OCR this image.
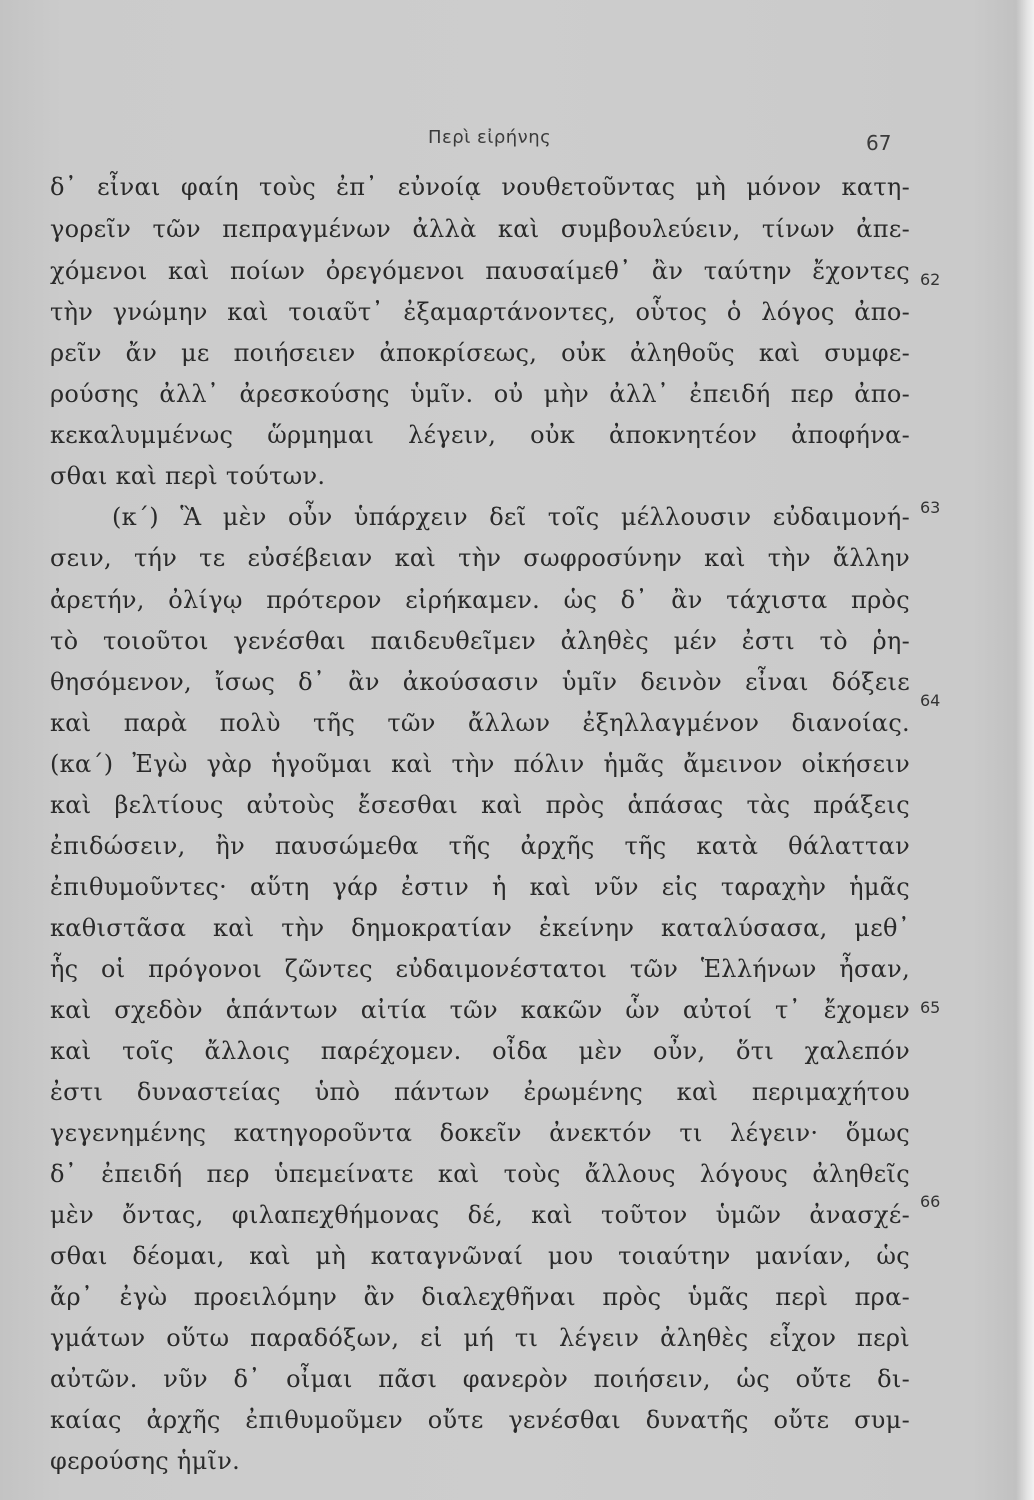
Περὶ εἰρήνης	67
δ᾽ εἶναι φαίη τοὺς ἐπ᾽ εὐνοίᾳ νουθετοῦντας μὴ μόνον κατη-
γορεῖν τῶν πεπραγμένων ἀλλὰ καὶ συμβουλεύειν, τίνων ἀπε-
χόμενοι καὶ ποίων ὀρεγόμενοι παυσαίμεθ᾽ ἂν ταύτην ἔχοντες
τὴν γνώμην καὶ τοιαῦτ᾽ ἐξαμαρτάνοντες, οὗτος ὁ λόγος ἀπο-
ρεῖν ἄν με ποιήσειεν ἀποκρίσεως, οὐκ ἀληθοῦς καὶ συμφε-
ρούσης ἀλλ᾽ ἀρεσκούσης ὑμῖν. οὐ μὴν ἀλλ᾽ ἐπειδή περ ἀπο-
κεκαλυμμένως ὥρμημαι λέγειν, οὐκ ἀποκνητέον ἀποφήνα-
σθαι καὶ περὶ τούτων.
(κ΄) Ἃ μὲν οὖν ὑπάρχειν δεῖ τοῖς μέλλουσιν εὐδαιμονή-
σειν, τήν τε εὐσέβειαν καὶ τὴν σωφροσύνην καὶ τὴν ἄλλην
ἀρετήν, ὀλίγῳ πρότερον εἰρήκαμεν. ὡς δ᾽ ἂν τάχιστα πρὸς
τὸ τοιοῦτοι γενέσθαι παιδευθεῖμεν ἀληθὲς μέν ἐστι τὸ ῥη-
θησόμενον, ἴσως δ᾽ ἂν ἀκούσασιν ὑμῖν δεινὸν εἶναι δόξειε
καὶ παρὰ πολὺ τῆς τῶν ἄλλων ἐξηλλαγμένον διανοίας.
(κα΄) Ἐγὼ γὰρ ἡγοῦμαι καὶ τὴν πόλιν ἡμᾶς ἄμεινον οἰκήσειν
καὶ βελτίους αὐτοὺς ἔσεσθαι καὶ πρὸς ἁπάσας τὰς πράξεις
ἐπιδώσειν, ἢν παυσώμεθα τῆς ἀρχῆς τῆς κατὰ θάλατταν
ἐπιθυμοῦντες· αὕτη γάρ ἐστιν ἡ καὶ νῦν εἰς ταραχὴν ἡμᾶς
καθιστᾶσα καὶ τὴν δημοκρατίαν ἐκείνην καταλύσασα, μεθ᾽
ἧς οἱ πρόγονοι ζῶντες εὐδαιμονέστατοι τῶν Ἑλλήνων ἦσαν,
καὶ σχεδὸν ἁπάντων αἰτία τῶν κακῶν ὧν αὐτοί τ᾽ ἔχομεν
καὶ τοῖς ἄλλοις παρέχομεν. οἶδα μὲν οὖν, ὅτι χαλεπόν
ἐστι δυναστείας ὑπὸ πάντων ἐρωμένης καὶ περιμαχήτου
γεγενημένης κατηγοροῦντα δοκεῖν ἀνεκτόν τι λέγειν· ὅμως
δ᾽ ἐπειδή περ ὑπεμείνατε καὶ τοὺς ἄλλους λόγους ἀληθεῖς
μὲν ὄντας, φιλαπεχθήμονας δέ, καὶ τοῦτον ὑμῶν ἀνασχέ-
σθαι δέομαι, καὶ μὴ καταγνῶναί μου τοιαύτην μανίαν, ὡς
ἄρ᾽ ἐγὼ προειλόμην ἂν διαλεχθῆναι πρὸς ὑμᾶς περὶ πρα-
γμάτων οὕτω παραδόξων, εἰ μή τι λέγειν ἀληθὲς εἶχον περὶ
αὐτῶν. νῦν δ᾽ οἶμαι πᾶσι φανερὸν ποιήσειν, ὡς οὔτε δι-
καίας ἀρχῆς ἐπιθυμοῦμεν οὔτε γενέσθαι δυνατῆς οὔτε συμ-
φερούσης ἡμῖν.
62
63
64
65
66
